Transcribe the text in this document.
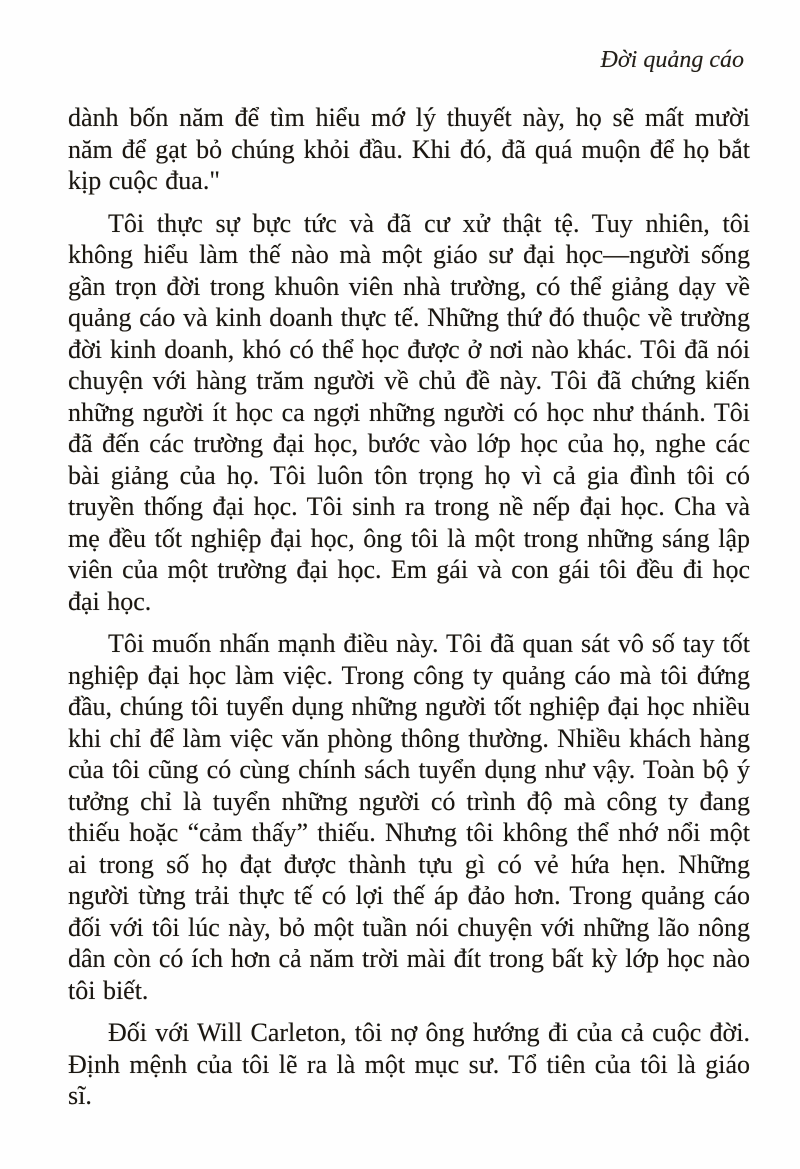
Đời quảng cáo

dành bốn năm để tìm hiểu mớ lý thuyết này, họ sẽ mất mười năm để gạt bỏ chúng khỏi đầu. Khi đó, đã quá muộn để họ bắt kịp cuộc đua."

Tôi thực sự bực tức và đã cư xử thật tệ. Tuy nhiên, tôi không hiểu làm thế nào mà một giáo sư đại học—người sống gần trọn đời trong khuôn viên nhà trường, có thể giảng dạy về quảng cáo và kinh doanh thực tế. Những thứ đó thuộc về trường đời kinh doanh, khó có thể học được ở nơi nào khác. Tôi đã nói chuyện với hàng trăm người về chủ đề này. Tôi đã chứng kiến những người ít học ca ngợi những người có học như thánh. Tôi đã đến các trường đại học, bước vào lớp học của họ, nghe các bài giảng của họ. Tôi luôn tôn trọng họ vì cả gia đình tôi có truyền thống đại học. Tôi sinh ra trong nề nếp đại học. Cha và mẹ đều tốt nghiệp đại học, ông tôi là một trong những sáng lập viên của một trường đại học. Em gái và con gái tôi đều đi học đại học.

Tôi muốn nhấn mạnh điều này. Tôi đã quan sát vô số tay tốt nghiệp đại học làm việc. Trong công ty quảng cáo mà tôi đứng đầu, chúng tôi tuyển dụng những người tốt nghiệp đại học nhiều khi chỉ để làm việc văn phòng thông thường. Nhiều khách hàng của tôi cũng có cùng chính sách tuyển dụng như vậy. Toàn bộ ý tưởng chỉ là tuyển những người có trình độ mà công ty đang thiếu hoặc “cảm thấy” thiếu. Nhưng tôi không thể nhớ nổi một ai trong số họ đạt được thành tựu gì có vẻ hứa hẹn. Những người từng trải thực tế có lợi thế áp đảo hơn. Trong quảng cáo đối với tôi lúc này, bỏ một tuần nói chuyện với những lão nông dân còn có ích hơn cả năm trời mài đít trong bất kỳ lớp học nào tôi biết.

Đối với Will Carleton, tôi nợ ông hướng đi của cả cuộc đời. Định mệnh của tôi lẽ ra là một mục sư. Tổ tiên của tôi là giáo sĩ.
